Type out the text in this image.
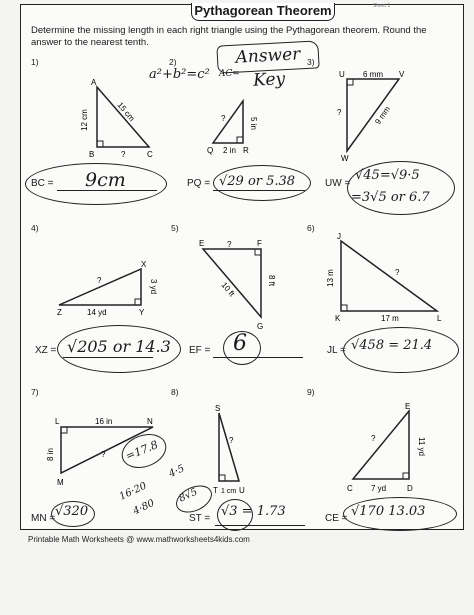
Pythagorean Theorem	Sheet 1
Determine the missing length in each right triangle using the Pythagorean theorem. Round the answer to the nearest tenth.
Answer Key
a²+b²=c² AC=
1)
A
B	C
12 cm	15 cm
?
BC = 9cm
2)
Q	R
5 in
2 in
?
PQ = √29 or 5.38
3)
U	V
W
6 mm
9 mm
?
UW =
√45=√9·5
=3√5 or 6.7
4)
Z
X
Y
3 yd
14 yd
?
XZ = √205 or 14.3
5)
E	F
G
8 ft
10 ft
?
EF = 6
6)
J
K	L
13 m
17 m
?
JL = √458 = 21.4
7)
L	N
M
16 in
8 in	?
MN = √320
=17.8
16·20
4·5
4·80
8√5
8)
S
T	U
?
1 cm
ST = √3 = 1.73
9)
E
C	D
11 yd
7 yd
?
CE = √170 13.03
Printable Math Worksheets @ www.mathworksheets4kids.com
